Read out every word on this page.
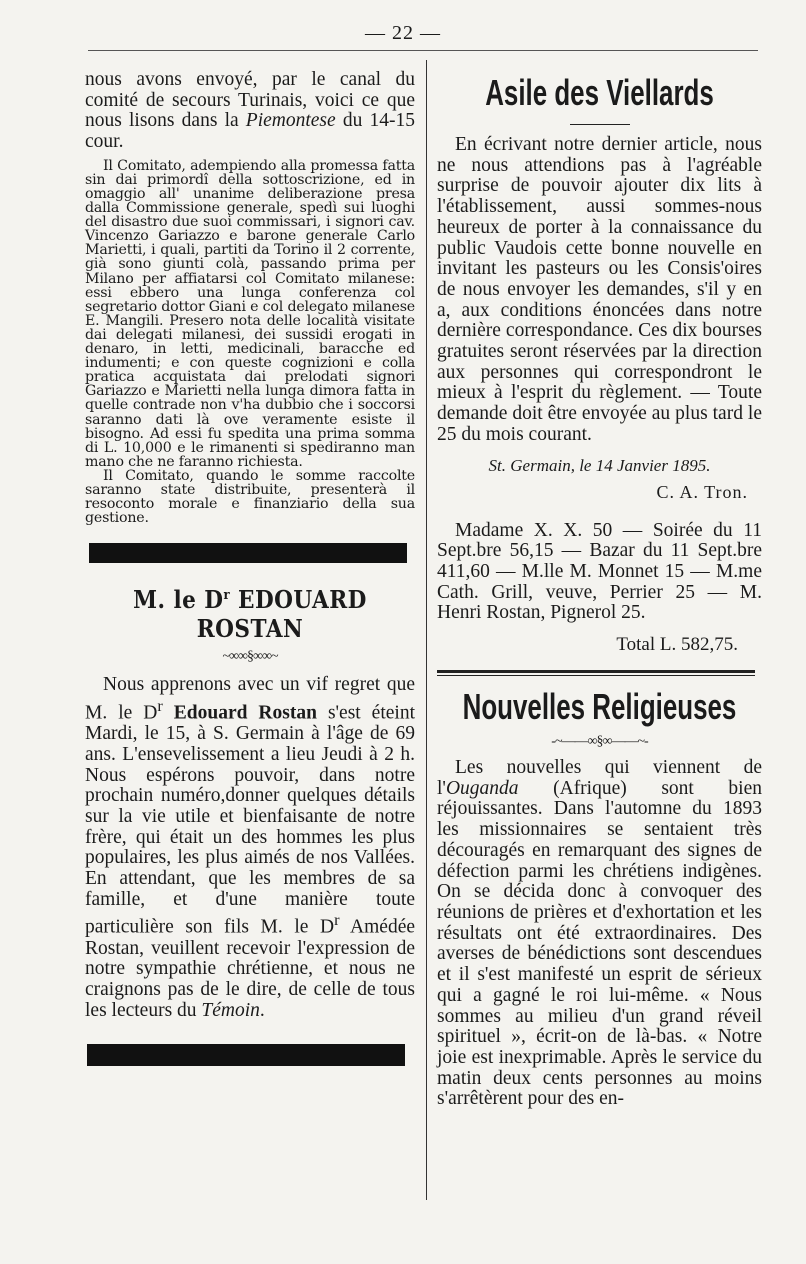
— 22 —

nous avons envoyé, par le canal du comité de secours Turinais, voici ce que nous lisons dans la Piemontese du 14-15 cour.

Il Comitato, adempiendo alla promessa fatta sin dai primordî della sottoscrizione, ed in omaggio all' unanime deliberazione presa dalla Commissione generale, spedì sui luoghi del disastro due suoi commissari, i signori cav. Vincenzo Gariazzo e barone generale Carlo Marietti, i quali, partiti da Torino il 2 corrente, già sono giunti colà, passando prima per Milano per affiatarsi col Comitato milanese: essi ebbero una lunga conferenza col segretario dottor Giani e col delegato milanese E. Mangili. Presero nota delle località visitate dai delegati milanesi, dei sussidi erogati in denaro, in letti, medicinali, baracche ed indumenti; e con queste cognizioni e colla pratica acquistata dai prelodati signori Gariazzo e Marietti nella lunga dimora fatta in quelle contrade non v'ha dubbio che i soccorsi saranno dati là ove veramente esiste il bisogno. Ad essi fu spedita una prima somma di L. 10,000 e le rimanenti si spediranno man mano che ne faranno richiesta.

Il Comitato, quando le somme raccolte saranno state distribuite, presenterà il resoconto morale e finanziario della sua gestione.

M. le $D^r$ EDOUARD ROSTAN
~∞∞§∞∞~

Nous apprenons avec un vif regret que M. le $D^r$ Edouard Rostan s'est éteint Mardi, le 15, à S. Germain à l'âge de 69 ans. L'ensevelissement a lieu Jeudi à 2 h. Nous espérons pouvoir, dans notre prochain numéro,donner quelques détails sur la vie utile et bienfaisante de notre frère, qui était un des hommes les plus populaires, les plus aimés de nos Vallées. En attendant, que les membres de sa famille, et d'une manière toute particulière son fils M. le $D^r$ Amédée Rostan, veuillent recevoir l'expression de notre sympathie chrétienne, et nous ne craignons pas de le dire, de celle de tous les lecteurs du Témoin.

Asile des Viellards

En écrivant notre dernier article, nous ne nous attendions pas à l'agréable surprise de pouvoir ajouter dix lits à l'établissement, aussi sommes-nous heureux de porter à la connaissance du public Vaudois cette bonne nouvelle en invitant les pasteurs ou les Consis'oires de nous envoyer les demandes, s'il y en a, aux conditions énoncées dans notre dernière correspondance. Ces dix bourses gratuites seront réservées par la direction aux personnes qui correspondront le mieux à l'esprit du règlement. — Toute demande doit être envoyée au plus tard le 25 du mois courant.

St. Germain, le 14 Janvier 1895.
C. A. Tron.

Madame X. X. 50 — Soirée du 11 Sept.bre 56,15 — Bazar du 11 Sept.bre 411,60 — M.lle M. Monnet 15 — M.me Cath. Grill, veuve, Perrier 25 — M. Henri Rostan, Pignerol 25.

Total L. 582,75.
Nouvelles Religieuses
-~——∞§∞——~-

Les nouvelles qui viennent de l'Ouganda (Afrique) sont bien réjouissantes. Dans l'automne du 1893 les missionnaires se sentaient très découragés en remarquant des signes de défection parmi les chrétiens indigènes. On se décida donc à convoquer des réunions de prières et d'exhortation et les résultats ont été extraordinaires. Des averses de bénédictions sont descendues et il s'est manifesté un esprit de sérieux qui a gagné le roi lui-même. « Nous sommes au milieu d'un grand réveil spirituel », écrit-on de là-bas. « Notre joie est inexprimable. Après le service du matin deux cents personnes au moins s'arrêtèrent pour des en-
